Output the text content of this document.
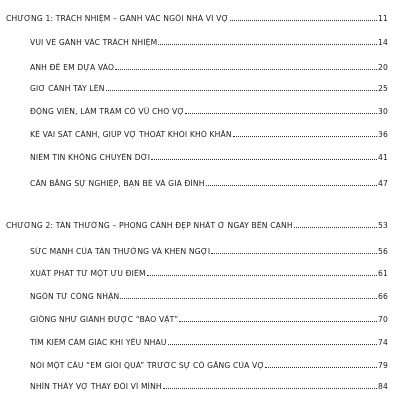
CHƯƠNG 1: TRÁCH NHIỆM – GÁNH VÁC NGÔI NHÀ VÌ VỢ	11
VUI VẺ GÁNH VÁC TRÁCH NHIỆM	14
ANH ĐỂ EM DỰA VÀO	20
GIƠ CÁNH TAY LÊN	25
ĐỘNG VIÊN, LÀM TRẠM CỔ VŨ CHO VỢ	30
KỀ VAI SÁT CÁNH, GIÚP VỢ THOÁT KHỎI KHÓ KHĂN	36
NIỀM TIN KHÔNG CHUYỂN DỜI	41
CÂN BẰNG SỰ NGHIỆP, BẠN BÈ VÀ GIA ĐÌNH	47
CHƯƠNG 2: TÁN THƯỞNG – PHONG CẢNH ĐẸP NHẤT Ở NGAY BÊN CẠNH	53
SỨC MẠNH CỦA TÁN THƯỞNG VÀ KHEN NGỢI	56
XUẤT PHÁT TỪ MỘT ƯU ĐIỂM	61
NGÔN TỪ CÔNG NHẬN	66
GIỐNG NHƯ GIÀNH ĐƯỢC “BẢO VẬT”	70
TÌM KIẾM CẢM GIÁC KHI YÊU NHAU	74
NÓI MỘT CÂU “EM GIỎI QUÁ” TRƯỚC SỰ CỐ GẮNG CỦA VỢ	79
NHÌN THẤY VỢ THAY ĐỔI VÌ MÌNH	84
